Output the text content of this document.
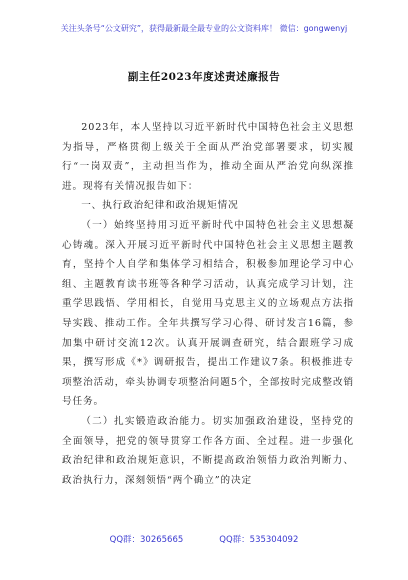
关注头条号“公文研究”，获得最新最全最专业的公文资料库！ 微信：gongwenyj
副主任2023年度述责述廉报告

2023年，本人坚持以习近平新时代中国特色社会主义思想为指导，严格贯彻上级关于全面从严治党部署要求，切实履行“一岗双责”，主动担当作为，推动全面从严治党向纵深推进。现将有关情况报告如下：

一、执行政治纪律和政治规矩情况

（一）始终坚持用习近平新时代中国特色社会主义思想凝心铸魂。深入开展习近平新时代中国特色社会主义思想主题教育，坚持个人自学和集体学习相结合，积极参加理论学习中心组、主题教育读书班等各种学习活动，认真完成学习计划，注重学思践悟、学用相长，自觉用马克思主义的立场观点方法指导实践、推动工作。全年共撰写学习心得、研讨发言16篇，参加集中研讨交流12次。认真开展调查研究，结合跟班学习成果，撰写形成《*》调研报告，提出工作建议7条。积极推进专项整治活动，牵头协调专项整治问题5个，全部按时完成整改销号任务。

（二）扎实锻造政治能力。切实加强政治建设，坚持党的全面领导，把党的领导贯穿工作各方面、全过程。进一步强化政治纪律和政治规矩意识，不断提高政治领悟力政治判断力、政治执行力，深刻领悟“两个确立”的决定

QQ群：30265665	QQ群：535304092
